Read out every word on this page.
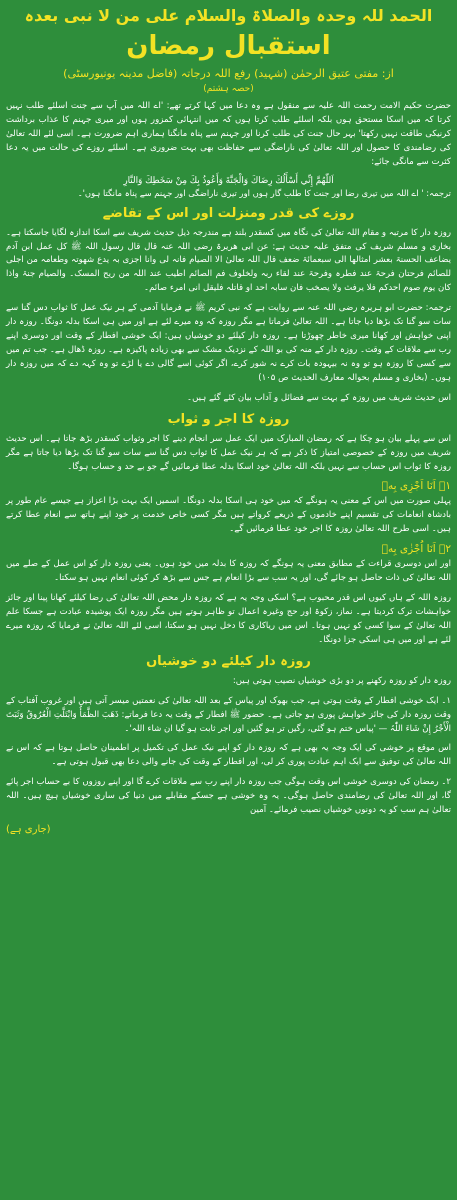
الحمد للہ وحدہ والصلاۃ والسلام علی من لا نبی بعدہ
استقبال رمضان
از: مفتی عتیق الرحمٰن (شہید) رفع اللہ درجاتہ (فاضل مدینہ یونیورسٹی)
(حصہ ہشتم)

حضرت حکیم الامت رحمت اللہ علیہ سے منقول ہے وہ دعا میں کہا کرتے تھے: 'اے اللہ میں آپ سے جنت اسلئے طلب نہیں کرتا کہ میں اسکا مستحق ہوں بلکہ اسلئے طلب کرتا ہوں کہ میں انتہائی کمزور ہوں اور میری جہنم کا عذاب برداشت کرنیکی طاقت نہیں رکھتا' بہر حال جنت کی طلب کرنا اور جہنم سے پناہ مانگنا ہماری اہم ضرورت ہے۔ اسی لئے اللہ تعالیٰ کی رضامندی کا حصول اور اللہ تعالیٰ کی ناراضگی سے حفاظت بھی بہت ضروری ہے۔ اسلئے روزے کی حالت میں یہ دعا کثرت سے مانگی جائے:

اَللّٰهُمَّ إِنِّي أَسْأَلُكَ رِضَاكَ وَالْجَنَّةَ وَأَعُوذُ بِكَ مِنْ سَخَطِكَ وَالنَّارِ
ترجمہ: ' اے اللہ میں تیری رضا اور جنت کا طلب گار ہوں اور تیری ناراضگی اور جہنم سے پناہ مانگتا ہوں'۔
روزے کی قدر ومنزلت اور اس کے تقاضے

روزہ دار کا مرتبہ و مقام اللہ تعالیٰ کی نگاہ میں کسقدر بلند ہے مندرجہ ذیل حدیث شریف سے اسکا اندازہ لگایا جاسکتا ہے۔ بخاری و مسلم شریف کی متفق علیہ حدیث ہے: عن ابی ھریرۃ رضی اللہ عنہ قال قال رسول اللہ ﷺ کل عمل ابن آدم یضاعف الحسنۃ بعشر امثالھا الی سبعمائۃ ضعف قال اللہ تعالیٰ الا الصیام فانہ لی وانا اجزی بہ یدع شھوتہ وطعامہ من اجلی للصائم فرحتان فرحۃ عند فطرہ وفرحۃ عند لقاء ربہ ولخلوف فم الصائم اطیب عند اللہ من ریح المسک۔ والصیام جنۃ واذا کان یوم صوم احدکم فلا یرفث ولا یصخب فان سابہ احد او قاتلہ فلیقل انی امرء صائم۔

ترجمہ: حضرت ابو ہریرہ رضی اللہ عنہ سے روایت ہے کہ نبی کریم ﷺ نے فرمایا آدمی کے ہر نیک عمل کا ثواب دس گنا سے سات سو گنا تک بڑھا دیا جاتا ہے۔ اللہ تعالیٰ فرماتا ہے مگر روزہ کہ وہ میرے لئے ہے اور میں ہی اسکا بدلہ دونگا۔ روزہ دار اپنی خواہش اور کھانا میری خاطر چھوڑتا ہے۔ روزہ دار کیلئے دو خوشیاں ہیں: ایک خوشی افطار کے وقت اور دوسری اپنے رب سے ملاقات کے وقت۔ روزہ دار کے منہ کی بو اللہ کے نزدیک مشک سے بھی زیادہ پاکیزہ ہے۔ روزہ ڈھال ہے۔ جب تم میں سے کسی کا روزہ ہو تو وہ نہ بیہودہ بات کرے نہ شور کرے، اگر کوئی اسے گالی دے یا لڑے تو وہ کہہ دے کہ میں روزہ دار ہوں۔ (بخاری و مسلم بحوالہ معارف الحدیث ص ۱۰۵)

اس حدیث شریف میں روزہ کے بہت سے فضائل و آداب بیان کئے گئے ہیں۔

روزہ کا اجر و ثواب

اس سے پہلے بیان ہو چکا ہے کہ رمضان المبارک میں ایک عمل سر انجام دینے کا اجر وثواب کسقدر بڑھ جاتا ہے۔ اس حدیث شریف میں روزہ کے خصوصی امتیاز کا ذکر ہے کہ ہر نیک عمل کا ثواب دس گنا سے سات سو گنا تک بڑھا دیا جاتا ہے مگر روزہ کا ثواب اس حساب سے نہیں بلکہ اللہ تعالیٰ خود اسکا بدلہ عطا فرمائیں گے جو بے حد و حساب ہوگا۔

۱۔ اَنَا اَجْزِی بِهٖ

پہلی صورت میں اس کے معنی یہ ہونگے کہ میں خود ہی اسکا بدلہ دونگا۔ اسمیں ایک بہت بڑا اعزاز ہے جیسے عام طور پر بادشاہ انعامات کی تقسیم اپنے خادموں کے ذریعے کرواتے ہیں مگر کسی خاص خدمت پر خود اپنے ہاتھ سے انعام عطا کرتے ہیں۔ اسی طرح اللہ تعالیٰ روزہ کا اجر خود عطا فرمائیں گے۔

۲۔ اَنَا اُجْزٰی بِهٖ

اور اس دوسری قراءت کے مطابق معنی یہ ہونگے کہ روزہ کا بدلہ میں خود ہوں۔ یعنی روزہ دار کو اس عمل کے صلے میں اللہ تعالیٰ کی ذات حاصل ہو جائے گی، اور یہ سب سے بڑا انعام ہے جس سے بڑھ کر کوئی انعام نہیں ہو سکتا۔

روزہ اللہ کے ہاں کیوں اس قدر محبوب ہے؟ اسکی وجہ یہ ہے کہ روزہ دار محض اللہ تعالیٰ کی رضا کیلئے کھانا پینا اور جائز خواہشات ترک کردیتا ہے۔ نماز، زکوۃ اور حج وغیرہ اعمال تو ظاہر ہوتے ہیں مگر روزہ ایک پوشیدہ عبادت ہے جسکا علم اللہ تعالیٰ کے سوا کسی کو نہیں ہوتا۔ اس میں ریاکاری کا دخل نہیں ہو سکتا، اسی لئے اللہ تعالیٰ نے فرمایا کہ روزہ میرے لئے ہے اور میں ہی اسکی جزا دونگا۔

روزہ دار کیلئے دو خوشیاں

روزہ دار کو روزہ رکھنے پر دو بڑی خوشیاں نصیب ہوتی ہیں:

۱۔ ایک خوشی افطار کے وقت ہوتی ہے، جب بھوک اور پیاس کے بعد اللہ تعالیٰ کی نعمتیں میسر آتی ہیں اور غروب آفتاب کے وقت روزہ دار کی جائز خواہش پوری ہو جاتی ہے۔ حضور ﷺ افطار کے وقت یہ دعا فرماتے: ذَهَبَ الظَّمَأُ وَابْتَلَّتِ الْعُرُوقُ وَثَبَتَ الْأَجْرُ إِنْ شَاءَ اللّٰہُ — 'پیاس ختم ہو گئی، رگیں تر ہو گئیں اور اجر ثابت ہو گیا ان شاء اللہ'۔

اس موقع پر خوشی کی ایک وجہ یہ بھی ہے کہ روزہ دار کو اپنے نیک عمل کی تکمیل پر اطمینان حاصل ہوتا ہے کہ اس نے اللہ تعالیٰ کی توفیق سے ایک اہم عبادت پوری کر لی، اور افطار کے وقت کی جانے والی دعا بھی قبول ہوتی ہے۔

۲۔ رمضان کی دوسری خوشی اس وقت ہوگی جب روزہ دار اپنے رب سے ملاقات کرے گا اور اپنے روزوں کا بے حساب اجر پائے گا، اور اللہ تعالیٰ کی رضامندی حاصل ہوگی۔ یہ وہ خوشی ہے جسکے مقابلے میں دنیا کی ساری خوشیاں ہیچ ہیں۔ اللہ تعالیٰ ہم سب کو یہ دونوں خوشیاں نصیب فرمائے۔ آمین

(جاری ہے)
